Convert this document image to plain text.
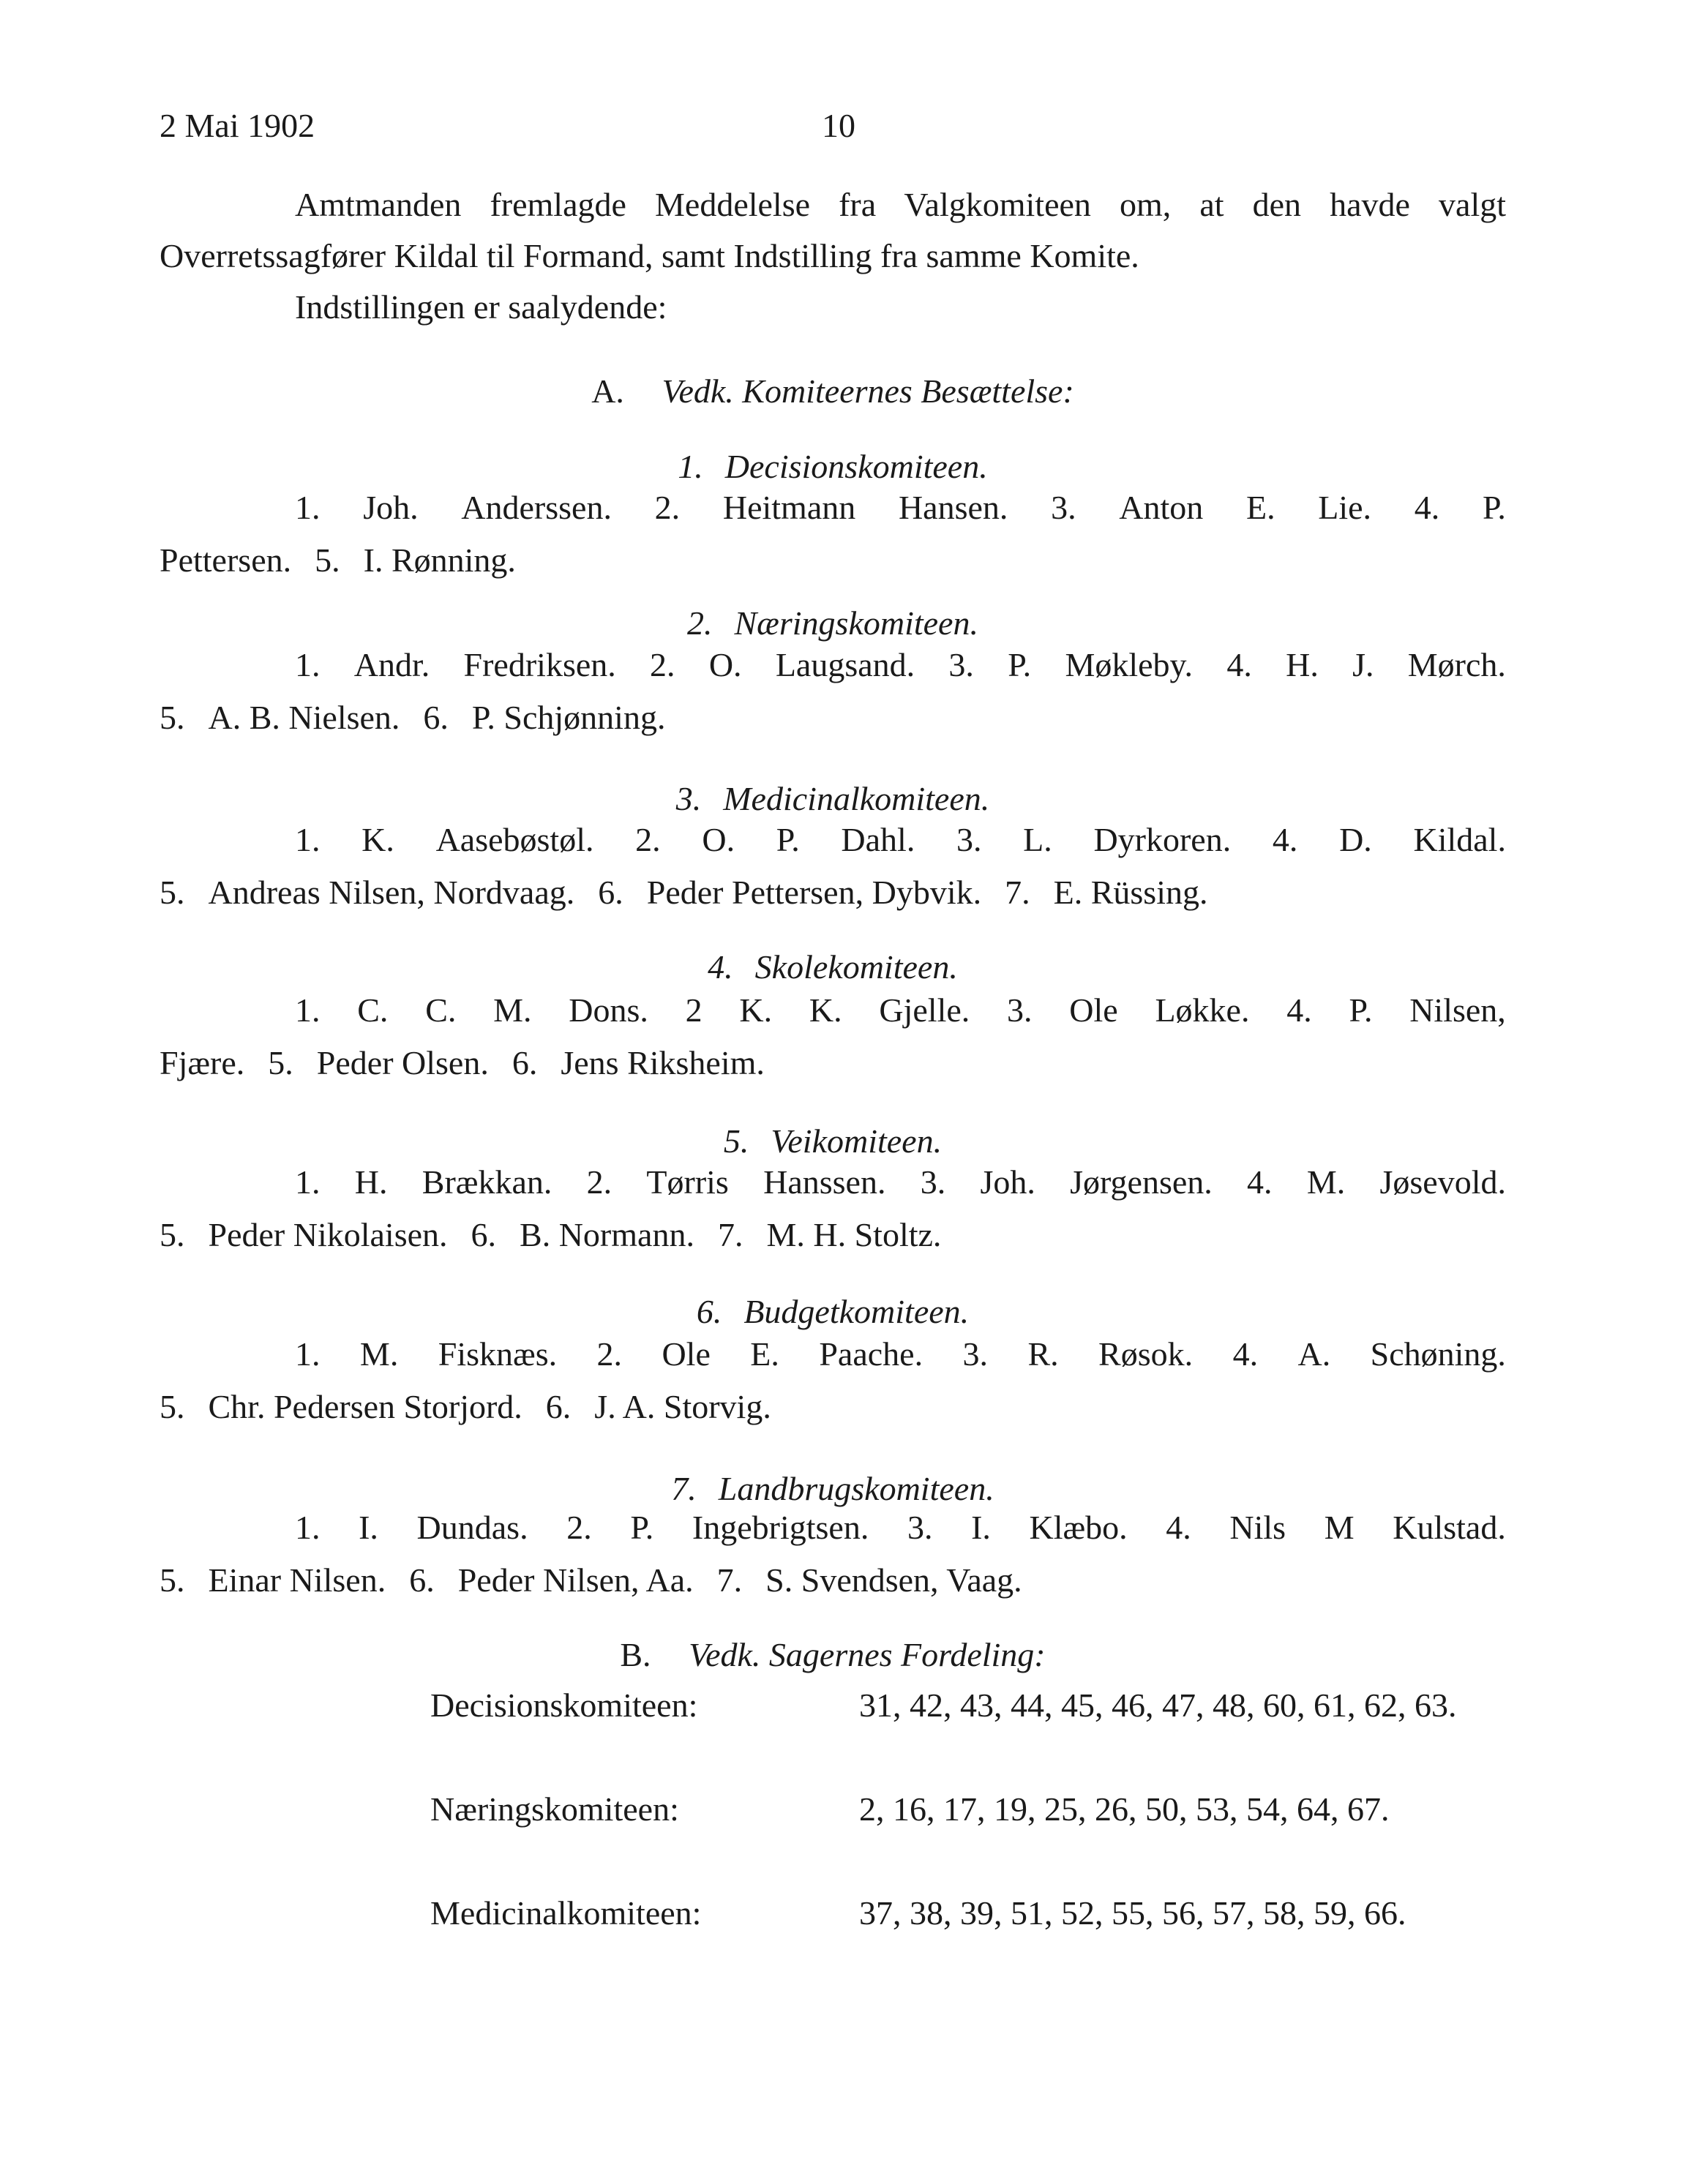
2 Mai 1902	10
Amtmanden fremlagde Meddelelse fra Valgkomiteen om, at den havde valgt Overretssagfører Kildal til Formand, samt Indstilling fra samme Komite.
Indstillingen er saalydende:
A. Vedk. Komiteernes Besættelse:
1. Decisionskomiteen.
1. Joh. Anderssen. 2. Heitmann Hansen. 3. Anton E. Lie. 4. P.
Pettersen. 5. I. Rønning.
2. Næringskomiteen.
1. Andr. Fredriksen. 2. O. Laugsand. 3. P. Møkleby. 4. H. J. Mørch.
5. A. B. Nielsen. 6. P. Schjønning.
3. Medicinalkomiteen.
1. K. Aasebøstøl. 2. O. P. Dahl. 3. L. Dyrkoren. 4. D. Kildal.
5. Andreas Nilsen, Nordvaag. 6. Peder Pettersen, Dybvik. 7. E. Rüssing.
4. Skolekomiteen.
1. C. C. M. Dons. 2 K. K. Gjelle. 3. Ole Løkke. 4. P. Nilsen,
Fjære. 5. Peder Olsen. 6. Jens Riksheim.
5. Veikomiteen.
1. H. Brækkan. 2. Tørris Hanssen. 3. Joh. Jørgensen. 4. M. Jøsevold.
5. Peder Nikolaisen. 6. B. Normann. 7. M. H. Stoltz.
6. Budgetkomiteen.
1. M. Fisknæs. 2. Ole E. Paache. 3. R. Røsok. 4. A. Schøning.
5. Chr. Pedersen Storjord. 6. J. A. Storvig.
7. Landbrugskomiteen.
1. I. Dundas. 2. P. Ingebrigtsen. 3. I. Klæbo. 4. Nils M Kulstad.
5. Einar Nilsen. 6. Peder Nilsen, Aa. 7. S. Svendsen, Vaag.
B. Vedk. Sagernes Fordeling:
Decisionskomiteen:	31, 42, 43, 44, 45, 46, 47, 48, 60, 61, 62, 63.
Næringskomiteen:	2, 16, 17, 19, 25, 26, 50, 53, 54, 64, 67.
Medicinalkomiteen:	37, 38, 39, 51, 52, 55, 56, 57, 58, 59, 66.
